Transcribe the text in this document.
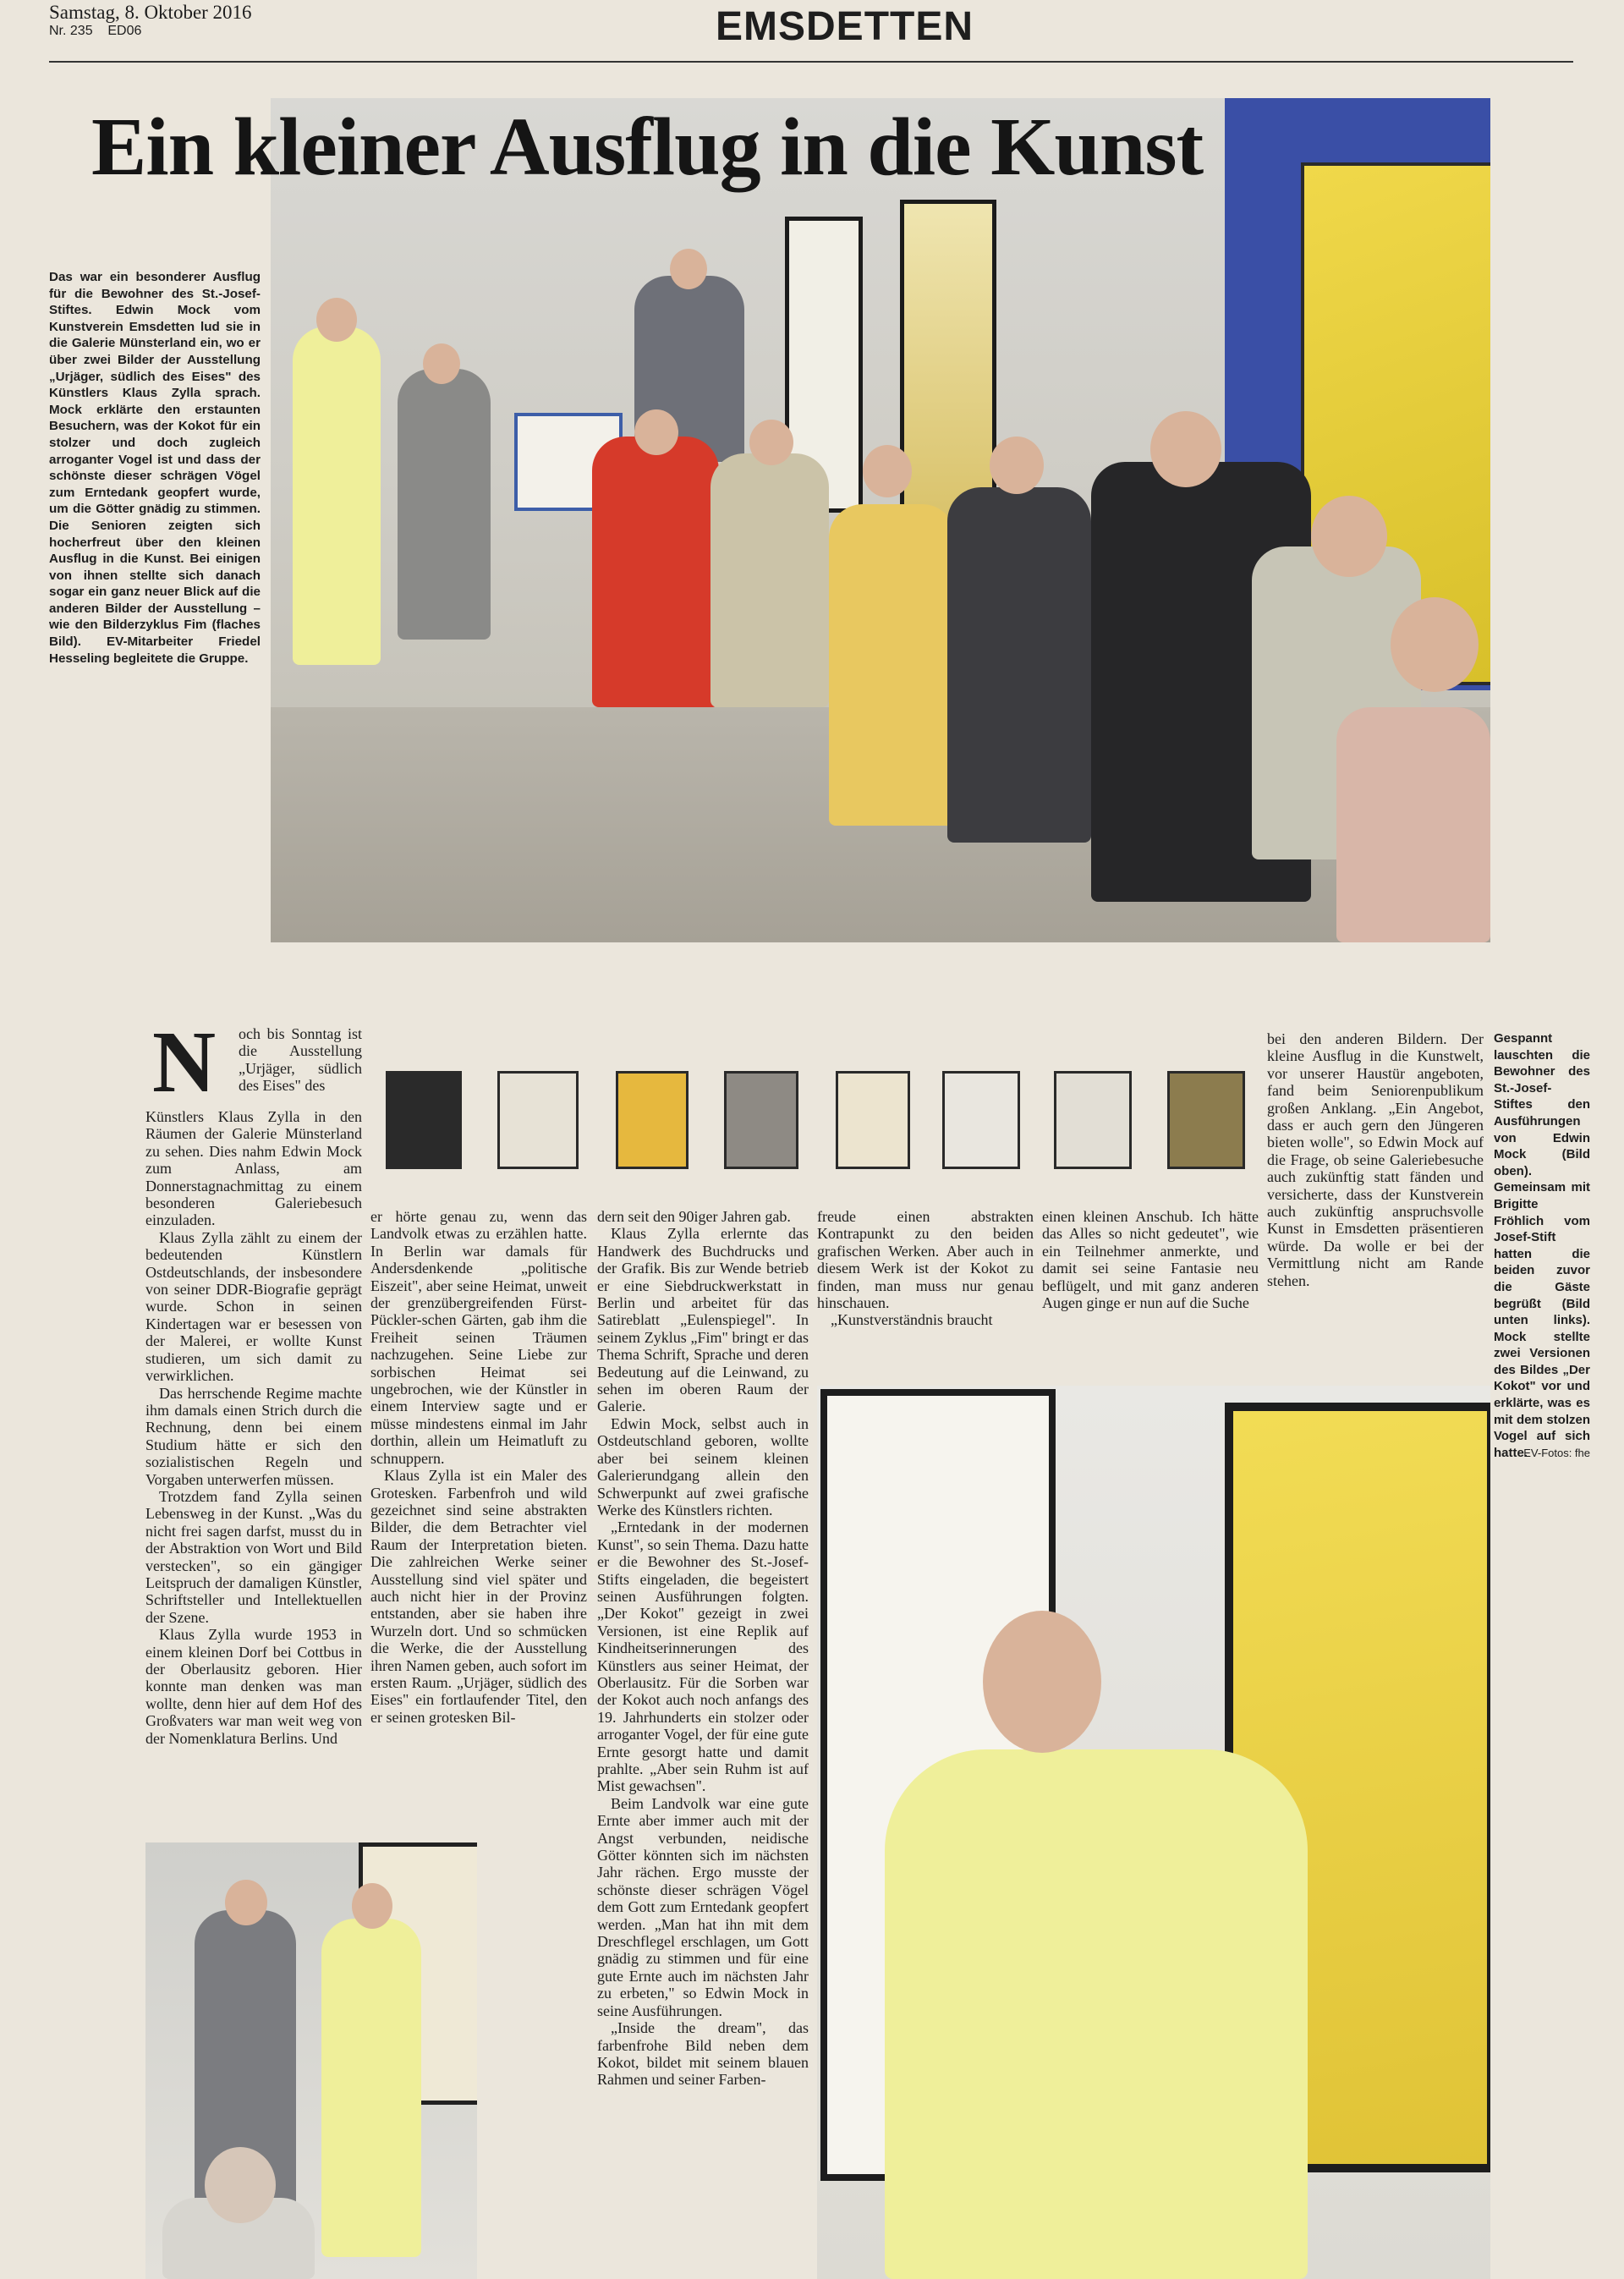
Samstag, 8. Oktober 2016
Nr. 235 ED06	EMSDETTEN
Ein kleiner Ausflug in die Kunst
Das war ein besonderer Ausflug für die Bewohner des St.-Josef-Stiftes. Edwin Mock vom Kunstverein Emsdetten lud sie in die Galerie Münsterland ein, wo er über zwei Bilder der Ausstellung „Urjäger, südlich des Eises" des Künstlers Klaus Zylla sprach. Mock erklärte den erstaunten Besuchern, was der Kokot für ein stolzer und doch zugleich arroganter Vogel ist und dass der schönste dieser schrägen Vögel zum Erntedank geopfert wurde, um die Götter gnädig zu stimmen. Die Senioren zeigten sich hocherfreut über den kleinen Ausflug in die Kunst. Bei einigen von ihnen stellte sich danach sogar ein ganz neuer Blick auf die anderen Bilder der Ausstellung – wie den Bilderzyklus Fim (flaches Bild). EV-Mitarbeiter Friedel Hesseling begleitete die Gruppe.
N och bis Sonntag ist die Ausstellung „Urjäger, südlich des Eises" des
Künstlers Klaus Zylla in den Räumen der Galerie Münsterland zu sehen. Dies nahm Edwin Mock zum Anlass, am Donnerstagnachmittag zu einem besonderen Galeriebesuch einzuladen.
Klaus Zylla zählt zu einem der bedeutenden Künstlern Ostdeutschlands, der insbesondere von seiner DDR-Biografie geprägt wurde. Schon in seinen Kindertagen war er besessen von der Malerei, er wollte Kunst studieren, um sich damit zu verwirklichen.
Das herrschende Regime machte ihm damals einen Strich durch die Rechnung, denn bei einem Studium hätte er sich den sozialistischen Regeln und Vorgaben unterwerfen müssen.
Trotzdem fand Zylla seinen Lebensweg in der Kunst. „Was du nicht frei sagen darfst, musst du in der Abstraktion von Wort und Bild verstecken", so ein gängiger Leitspruch der damaligen Künstler, Schriftsteller und Intellektuellen der Szene.
Klaus Zylla wurde 1953 in einem kleinen Dorf bei Cottbus in der Oberlausitz geboren. Hier konnte man denken was man wollte, denn hier auf dem Hof des Großvaters war man weit weg von der Nomenklatura Berlins. Und
er hörte genau zu, wenn das Landvolk etwas zu erzählen hatte. In Berlin war damals für Andersdenkende „politische Eiszeit", aber seine Heimat, unweit der grenzübergreifenden Fürst-Pückler-schen Gärten, gab ihm die Freiheit seinen Träumen nachzugehen. Seine Liebe zur sorbischen Heimat sei ungebrochen, wie der Künstler in einem Interview sagte und er müsse mindestens einmal im Jahr dorthin, allein um Heimatluft zu schnuppern.
Klaus Zylla ist ein Maler des Grotesken. Farbenfroh und wild gezeichnet sind seine abstrakten Bilder, die dem Betrachter viel Raum der Interpretation bieten. Die zahlreichen Werke seiner Ausstellung sind viel später und auch nicht hier in der Provinz entstanden, aber sie haben ihre Wurzeln dort. Und so schmücken die Werke, die der Ausstellung ihren Namen geben, auch sofort im ersten Raum. „Urjäger, südlich des Eises" ein fortlaufender Titel, den er seinen grotesken Bil-
dern seit den 90iger Jahren gab.
Klaus Zylla erlernte das Handwerk des Buchdrucks und der Grafik. Bis zur Wende betrieb er eine Siebdruckwerkstatt in Berlin und arbeitet für das Satireblatt „Eulenspiegel". In seinem Zyklus „Fim" bringt er das Thema Schrift, Sprache und deren Bedeutung auf die Leinwand, zu sehen im oberen Raum der Galerie.
Edwin Mock, selbst auch in Ostdeutschland geboren, wollte aber bei seinem kleinen Galerierundgang allein den Schwerpunkt auf zwei grafische Werke des Künstlers richten.
„Erntedank in der modernen Kunst", so sein Thema. Dazu hatte er die Bewohner des St.-Josef-Stifts eingeladen, die begeistert seinen Ausführungen folgten. „Der Kokot" gezeigt in zwei Versionen, ist eine Replik auf Kindheitserinnerungen des Künstlers aus seiner Heimat, der Oberlausitz. Für die Sorben war der Kokot auch noch anfangs des 19. Jahrhunderts ein stolzer oder arroganter Vogel, der für eine gute Ernte gesorgt hatte und damit prahlte. „Aber sein Ruhm ist auf Mist gewachsen".
Beim Landvolk war eine gute Ernte aber immer auch mit der Angst verbunden, neidische Götter könnten sich im nächsten Jahr rächen. Ergo musste der schönste dieser schrägen Vögel dem Gott zum Erntedank geopfert werden. „Man hat ihn mit dem Dreschflegel erschlagen, um Gott gnädig zu stimmen und für eine gute Ernte auch im nächsten Jahr zu erbeten," so Edwin Mock in seine Ausführungen.
„Inside the dream", das farbenfrohe Bild neben dem Kokot, bildet mit seinem blauen Rahmen und seiner Farben-
freude einen abstrakten Kontrapunkt zu den beiden grafischen Werken. Aber auch in diesem Werk ist der Kokot zu finden, man muss nur genau hinschauen.
„Kunstverständnis braucht
einen kleinen Anschub. Ich hätte das Alles so nicht gedeutet", wie ein Teilnehmer anmerkte, und damit sei seine Fantasie neu beflügelt, und mit ganz anderen Augen ginge er nun auf die Suche
bei den anderen Bildern. Der kleine Ausflug in die Kunstwelt, vor unserer Haustür angeboten, fand beim Seniorenpublikum großen Anklang. „Ein Angebot, dass er auch gern den Jüngeren bieten wolle", so Edwin Mock auf die Frage, ob seine Galeriebesuche auch zukünftig statt fänden und versicherte, dass der Kunstverein auch zukünftig anspruchsvolle Kunst in Emsdetten präsentieren würde. Da wolle er bei der Vermittlung nicht am Rande stehen.
Gespannt lauschten die Bewohner des St.-Josef-Stiftes den Ausführungen von Edwin Mock (Bild oben). Gemeinsam mit Brigitte Fröhlich vom Josef-Stift hatten die beiden zuvor die Gäste begrüßt (Bild unten links). Mock stellte zwei Versionen des Bildes „Der Kokot" vor und erklärte, was es mit dem stolzen Vogel auf sich hatte.
EV-Fotos: fhe
